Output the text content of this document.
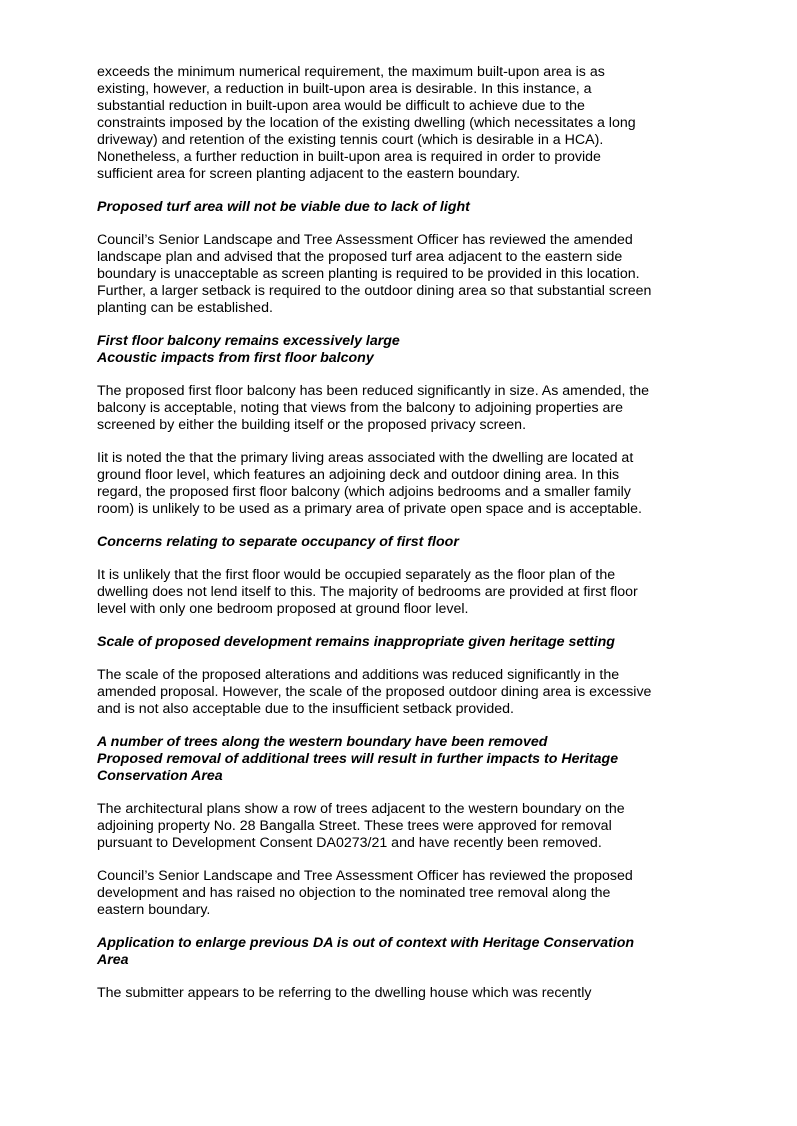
exceeds the minimum numerical requirement, the maximum built-upon area is as
existing, however, a reduction in built-upon area is desirable. In this instance, a
substantial reduction in built-upon area would be difficult to achieve due to the
constraints imposed by the location of the existing dwelling (which necessitates a long
driveway) and retention of the existing tennis court (which is desirable in a HCA).
Nonetheless, a further reduction in built-upon area is required in order to provide
sufficient area for screen planting adjacent to the eastern boundary.

Proposed turf area will not be viable due to lack of light

Council’s Senior Landscape and Tree Assessment Officer has reviewed the amended
landscape plan and advised that the proposed turf area adjacent to the eastern side
boundary is unacceptable as screen planting is required to be provided in this location.
Further, a larger setback is required to the outdoor dining area so that substantial screen
planting can be established.

First floor balcony remains excessively large
Acoustic impacts from first floor balcony

The proposed first floor balcony has been reduced significantly in size. As amended, the
balcony is acceptable, noting that views from the balcony to adjoining properties are
screened by either the building itself or the proposed privacy screen.

Iit is noted the that the primary living areas associated with the dwelling are located at
ground floor level, which features an adjoining deck and outdoor dining area. In this
regard, the proposed first floor balcony (which adjoins bedrooms and a smaller family
room) is unlikely to be used as a primary area of private open space and is acceptable.

Concerns relating to separate occupancy of first floor

It is unlikely that the first floor would be occupied separately as the floor plan of the
dwelling does not lend itself to this. The majority of bedrooms are provided at first floor
level with only one bedroom proposed at ground floor level.

Scale of proposed development remains inappropriate given heritage setting

The scale of the proposed alterations and additions was reduced significantly in the
amended proposal. However, the scale of the proposed outdoor dining area is excessive
and is not also acceptable due to the insufficient setback provided.

A number of trees along the western boundary have been removed
Proposed removal of additional trees will result in further impacts to Heritage
Conservation Area

The architectural plans show a row of trees adjacent to the western boundary on the
adjoining property No. 28 Bangalla Street. These trees were approved for removal
pursuant to Development Consent DA0273/21 and have recently been removed.

Council’s Senior Landscape and Tree Assessment Officer has reviewed the proposed
development and has raised no objection to the nominated tree removal along the
eastern boundary.

Application to enlarge previous DA is out of context with Heritage Conservation
Area

The submitter appears to be referring to the dwelling house which was recently
